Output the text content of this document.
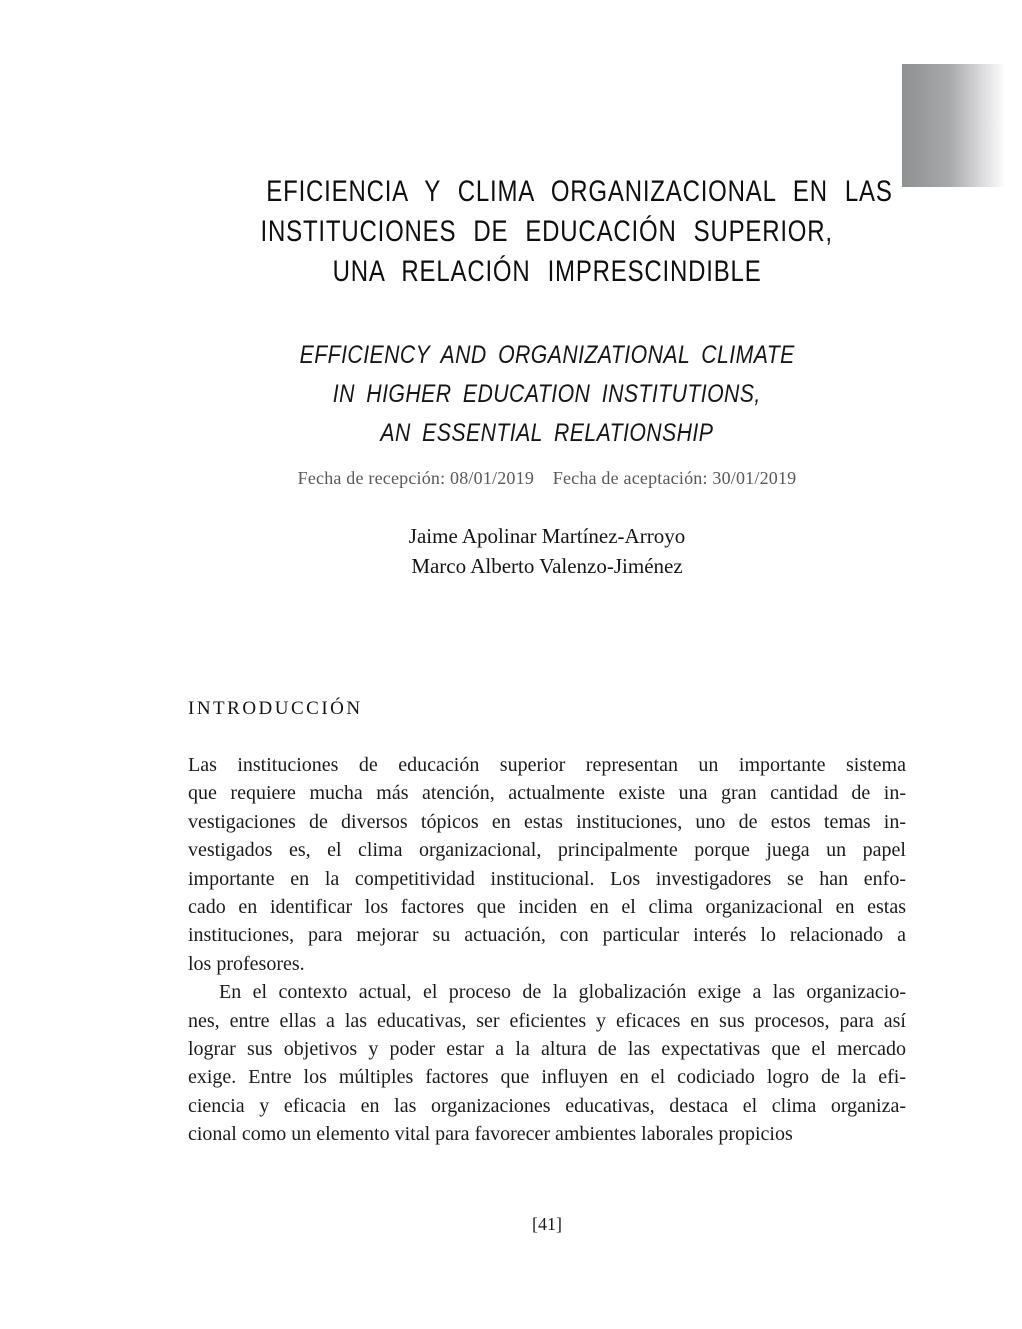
EFICIENCIA Y CLIMA ORGANIZACIONAL EN LAS
INSTITUCIONES DE EDUCACIÓN SUPERIOR,
UNA RELACIÓN IMPRESCINDIBLE
EFFICIENCY AND ORGANIZATIONAL CLIMATE
IN HIGHER EDUCATION INSTITUTIONS,
AN ESSENTIAL RELATIONSHIP
Fecha de recepción: 08/01/2019 Fecha de aceptación: 30/01/2019
Jaime Apolinar Martínez-Arroyo
Marco Alberto Valenzo-Jiménez
INTRODUCCIÓN
Las instituciones de educación superior representan un importante sistema
que requiere mucha más atención, actualmente existe una gran cantidad de in-
vestigaciones de diversos tópicos en estas instituciones, uno de estos temas in-
vestigados es, el clima organizacional, principalmente porque juega un papel
importante en la competitividad institucional. Los investigadores se han enfo-
cado en identificar los factores que inciden en el clima organizacional en estas
instituciones, para mejorar su actuación, con particular interés lo relacionado a
los profesores.
En el contexto actual, el proceso de la globalización exige a las organizacio-
nes, entre ellas a las educativas, ser eficientes y eficaces en sus procesos, para así
lograr sus objetivos y poder estar a la altura de las expectativas que el mercado
exige. Entre los múltiples factores que influyen en el codiciado logro de la efi-
ciencia y eficacia en las organizaciones educativas, destaca el clima organiza-
cional como un elemento vital para favorecer ambientes laborales propicios
[41]
